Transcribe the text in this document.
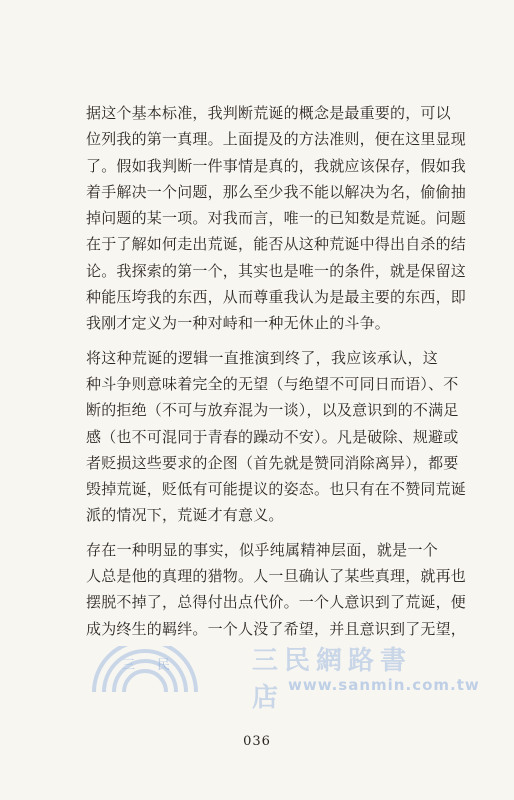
据这个基本标准，我判断荒诞的概念是最重要的，可以
位列我的第一真理。上面提及的方法准则，便在这里显现
了。假如我判断一件事情是真的，我就应该保存，假如我
着手解决一个问题，那么至少我不能以解决为名，偷偷抽
掉问题的某一项。对我而言，唯一的已知数是荒诞。问题
在于了解如何走出荒诞，能否从这种荒诞中得出自杀的结
论。我探索的第一个，其实也是唯一的条件，就是保留这
种能压垮我的东西，从而尊重我认为是最主要的东西，即
我刚才定义为一种对峙和一种无休止的斗争。
将这种荒诞的逻辑一直推演到终了，我应该承认，这
种斗争则意味着完全的无望（与绝望不可同日而语）、不
断的拒绝（不可与放弃混为一谈），以及意识到的不满足
感（也不可混同于青春的躁动不安）。凡是破除、规避或
者贬损这些要求的企图（首先就是赞同消除离异），都要
毁掉荒诞，贬低有可能提议的姿态。也只有在不赞同荒诞
派的情况下，荒诞才有意义。
存在一种明显的事实，似乎纯属精神层面，就是一个
人总是他的真理的猎物。人一旦确认了某些真理，就再也
摆脱不掉了，总得付出点代价。一个人意识到了荒诞，便
成为终生的羁绊。一个人没了希望，并且意识到了无望，
三民 三民網路書店 www.sanmin.com.tw
036
